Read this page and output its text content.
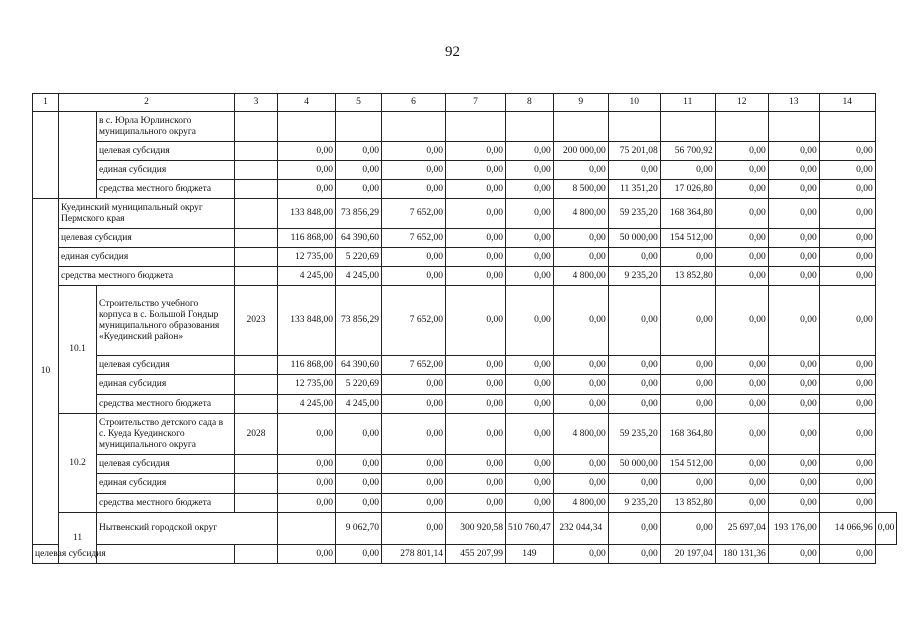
92
1	2		3	4	5	6	7	8	9	10	11	12	13	14	
		в с. Юрла Юрлинского муниципального округа													
		целевая субсидия		0,00	0,00	0,00	0,00	0,00	200 000,00	75 201,08	56 700,92	0,00	0,00	0,00	
		единая субсидия		0,00	0,00	0,00	0,00	0,00	0,00	0,00	0,00	0,00	0,00	0,00	
		средства местного бюджета		0,00	0,00	0,00	0,00	0,00	8 500,00	11 351,20	17 026,80	0,00	0,00	0,00	
10	Куединский муниципальный округ Пермского края			133 848,00	73 856,29	7 652,00	0,00	0,00	4 800,00	59 235,20	168 364,80	0,00	0,00	0,00	
	целевая субсидия			116 868,00	64 390,60	7 652,00	0,00	0,00	0,00	50 000,00	154 512,00	0,00	0,00	0,00	
	единая субсидия			12 735,00	5 220,69	0,00	0,00	0,00	0,00	0,00	0,00	0,00	0,00	0,00	
	средства местного бюджета			4 245,00	4 245,00	0,00	0,00	0,00	4 800,00	9 235,20	13 852,80	0,00	0,00	0,00	
	10.1	Строительство учебного корпуса в с. Большой Гондыр муниципального образования «Куединский район»	2023	133 848,00	73 856,29	7 652,00	0,00	0,00	0,00	0,00	0,00	0,00	0,00	0,00	
		целевая субсидия		116 868,00	64 390,60	7 652,00	0,00	0,00	0,00	0,00	0,00	0,00	0,00	0,00	
		единая субсидия		12 735,00	5 220,69	0,00	0,00	0,00	0,00	0,00	0,00	0,00	0,00	0,00	
		средства местного бюджета		4 245,00	4 245,00	0,00	0,00	0,00	0,00	0,00	0,00	0,00	0,00	0,00	
	10.2	Строительство детского сада в с. Куеда Куединского муниципального округа	2028	0,00	0,00	0,00	0,00	0,00	4 800,00	59 235,20	168 364,80	0,00	0,00	0,00	
		целевая субсидия		0,00	0,00	0,00	0,00	0,00	0,00	50 000,00	154 512,00	0,00	0,00	0,00	
		единая субсидия		0,00	0,00	0,00	0,00	0,00	0,00	0,00	0,00	0,00	0,00	0,00	
		средства местного бюджета		0,00	0,00	0,00	0,00	0,00	4 800,00	9 235,20	13 852,80	0,00	0,00	0,00	
	11	Нытвенский городской округ			9 062,70	0,00	300 920,58	510 760,47	232 044,34	0,00	0,00	25 697,04	193 176,00	14 066,96	0,00
целевая субсидия				0,00	0,00	278 801,14	455 207,99	149	0,00	0,00	20 197,04	180 131,36	0,00	0,00	
